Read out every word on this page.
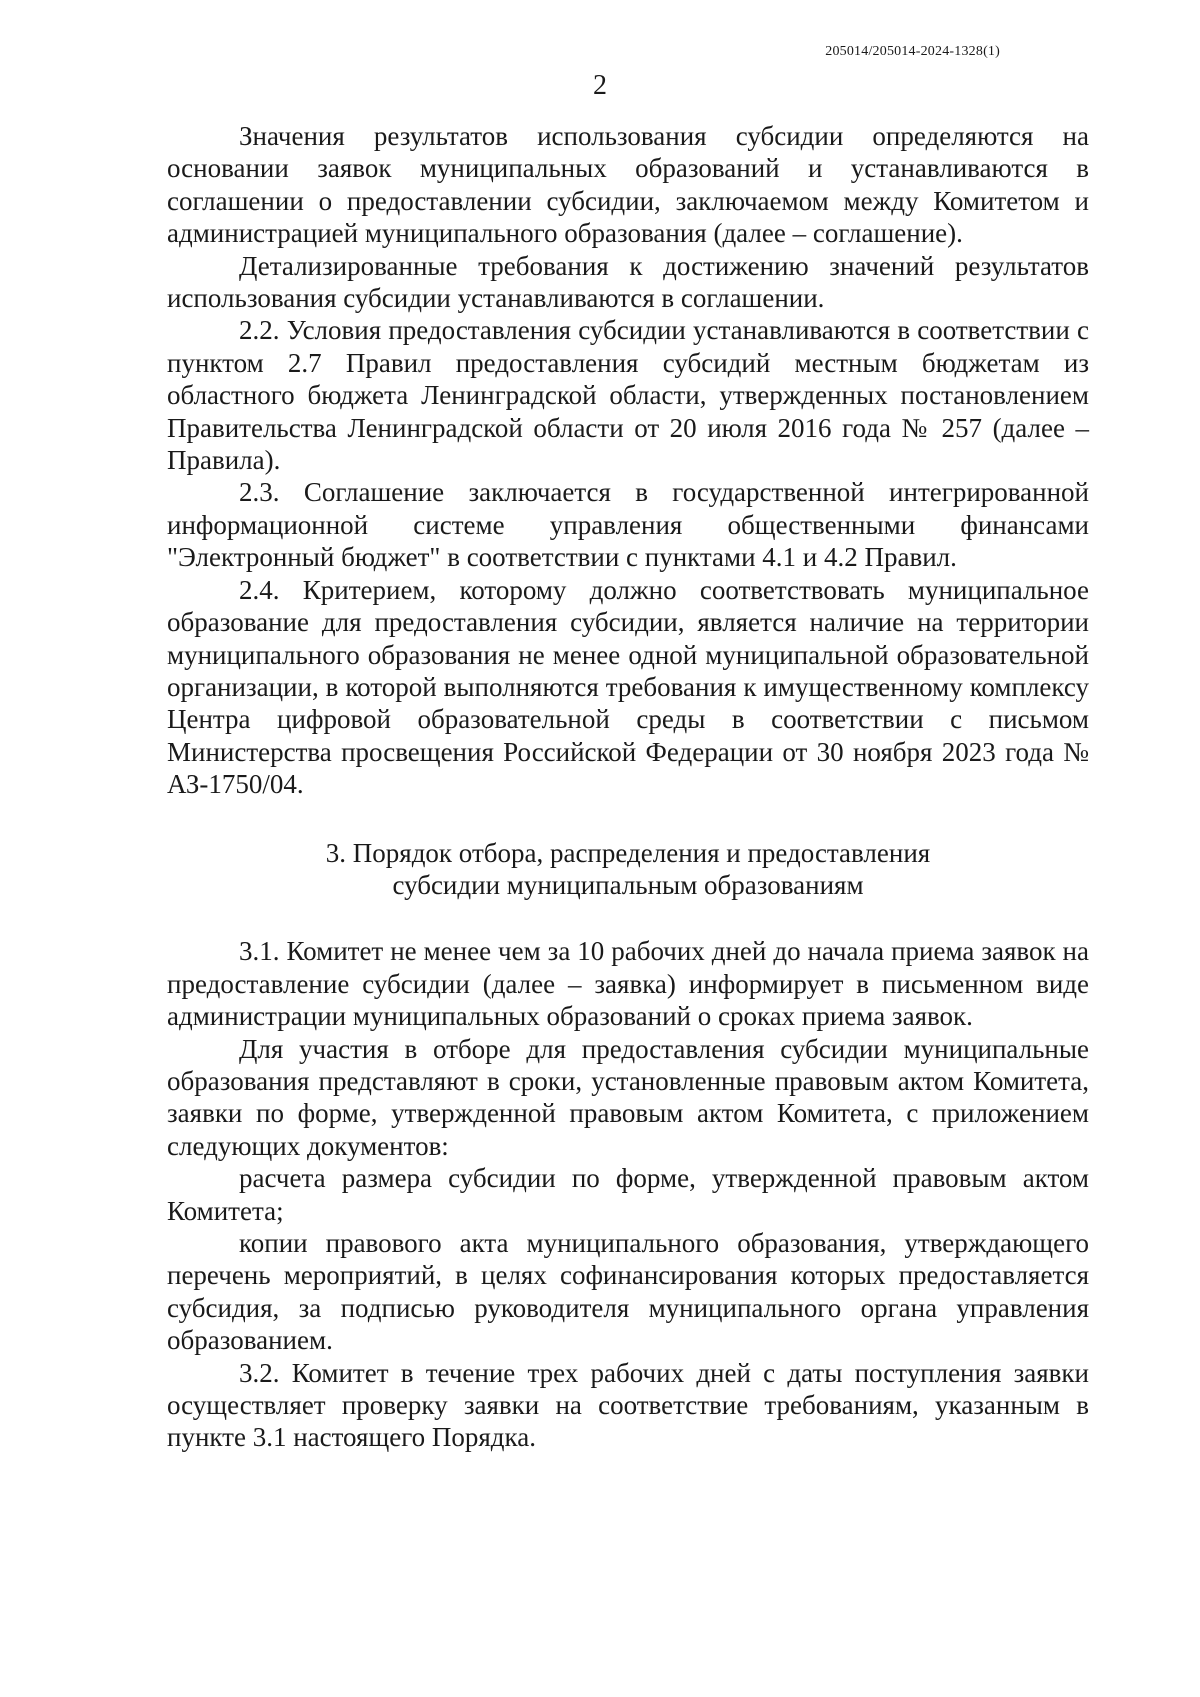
205014/205014-2024-1328(1)
2

Значения результатов использования субсидии определяются на основании заявок муниципальных образований и устанавливаются в соглашении о предоставлении субсидии, заключаемом между Комитетом и администрацией муниципального образования (далее – соглашение).

Детализированные требования к достижению значений результатов использования субсидии устанавливаются в соглашении.

2.2. Условия предоставления субсидии устанавливаются в соответствии с пунктом 2.7 Правил предоставления субсидий местным бюджетам из областного бюджета Ленинградской области, утвержденных постановлением Правительства Ленинградской области от 20 июля 2016 года № 257 (далее – Правила).

2.3. Соглашение заключается в государственной интегрированной информационной системе управления общественными финансами "Электронный бюджет" в соответствии с пунктами 4.1 и 4.2 Правил.

2.4. Критерием, которому должно соответствовать муниципальное образование для предоставления субсидии, является наличие на территории муниципального образования не менее одной муниципальной образовательной организации, в которой выполняются требования к имущественному комплексу Центра цифровой образовательной среды в соответствии с письмом Министерства просвещения Российской Федерации от 30 ноября 2023 года № АЗ-1750/04.

3. Порядок отбора, распределения и предоставления
субсидии муниципальным образованиям

3.1. Комитет не менее чем за 10 рабочих дней до начала приема заявок на предоставление субсидии (далее – заявка) информирует в письменном виде администрации муниципальных образований о сроках приема заявок.

Для участия в отборе для предоставления субсидии муниципальные образования представляют в сроки, установленные правовым актом Комитета, заявки по форме, утвержденной правовым актом Комитета, с приложением следующих документов:

расчета размера субсидии по форме, утвержденной правовым актом Комитета;

копии правового акта муниципального образования, утверждающего перечень мероприятий, в целях софинансирования которых предоставляется субсидия, за подписью руководителя муниципального органа управления образованием.

3.2. Комитет в течение трех рабочих дней с даты поступления заявки осуществляет проверку заявки на соответствие требованиям, указанным в пункте 3.1 настоящего Порядка.
